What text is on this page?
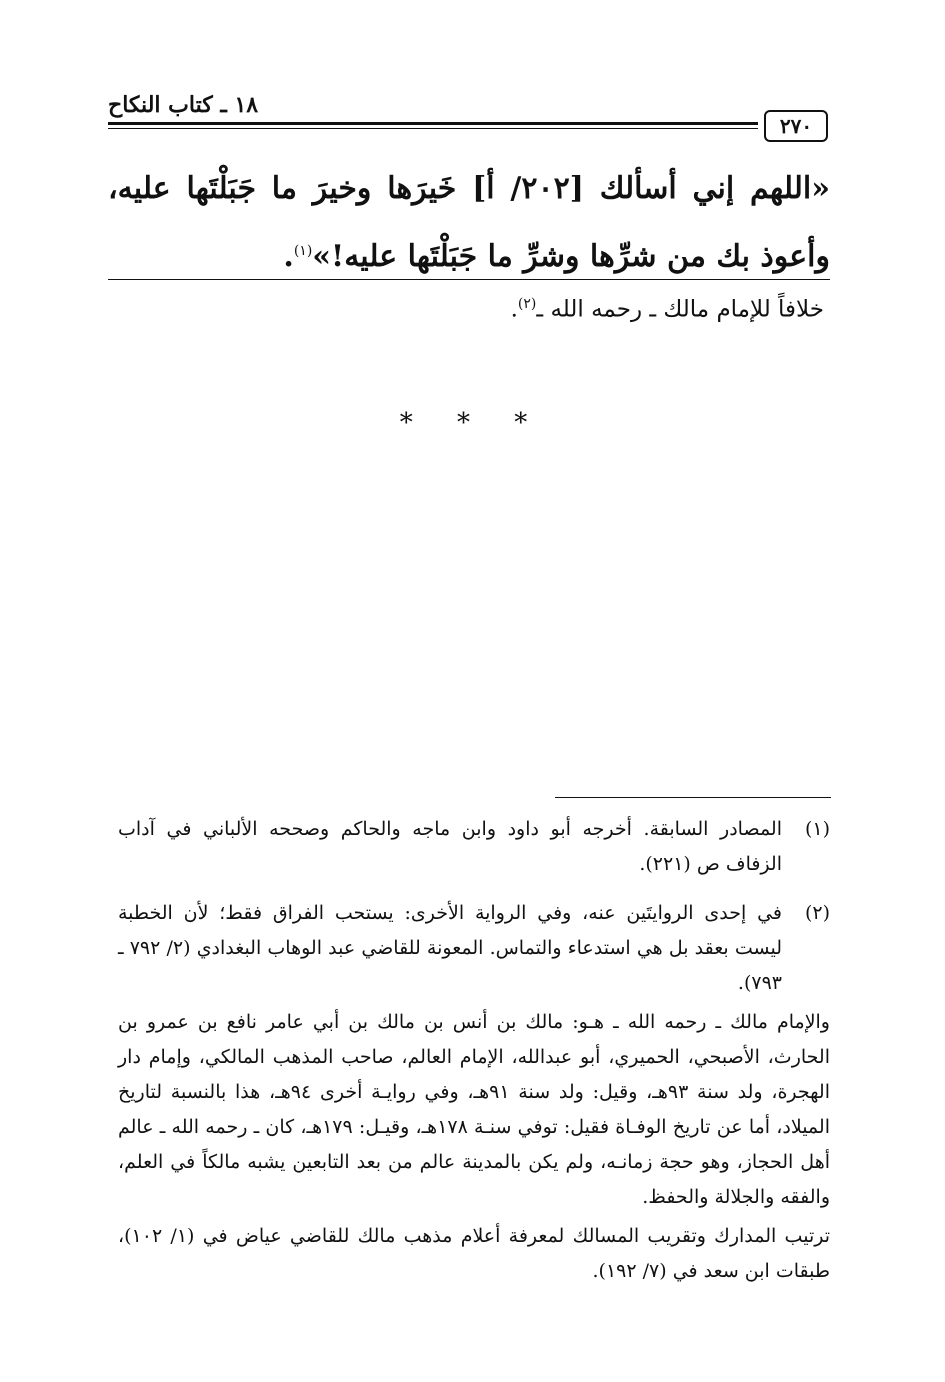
١٨ ـ كتاب النكاح
٢٧٠
«اللهم إني أسألك [٢٠٢/ أ] خَيرَها وخيرَ ما جَبَلْتَها عليه، وأعوذ بك من شرِّها وشرِّ ما جَبَلْتَها عليه!»$^{(١)}$.
خلافاً للإمام مالك ـ رحمه الله ـ$^{(٢)}$.
* * *
(١)

المصادر السابقة. أخرجه أبو داود وابن ماجه والحاكم وصححه الألباني في آداب الزفاف ص (٢٢١).

(٢)

في إحدى الروايتَين عنه، وفي الرواية الأخرى: يستحب الفراق فقط؛ لأن الخطبة ليست بعقد بل هي استدعاء والتماس. المعونة للقاضي عبد الوهاب البغدادي (٢/ ٧٩٢ ـ ٧٩٣).

والإمام مالك ـ رحمه الله ـ هـو: مالك بن أنس بن مالك بن أبي عامر نافع بن عمرو بن الحارث، الأصبحي، الحميري، أبو عبدالله، الإمام العالم، صاحب المذهب المالكي، وإمام دار الهجرة، ولد سنة ٩٣هـ، وقيل: ولد سنة ٩١هـ، وفي روايـة أخرى ٩٤هـ، هذا بالنسبة لتاريخ الميلاد، أما عن تاريخ الوفـاة فقيل: توفي سنـة ١٧٨هـ، وقيـل: ١٧٩هـ، كان ـ رحمه الله ـ عالم أهل الحجاز، وهو حجة زمانـه، ولم يكن بالمدينة عالم من بعد التابعين يشبه مالكاً في العلم، والفقه والجلالة والحفظ.

ترتيب المدارك وتقريب المسالك لمعرفة أعلام مذهب مالك للقاضي عياض في (١/ ١٠٢)، طبقات ابن سعد في (٧/ ١٩٢).
